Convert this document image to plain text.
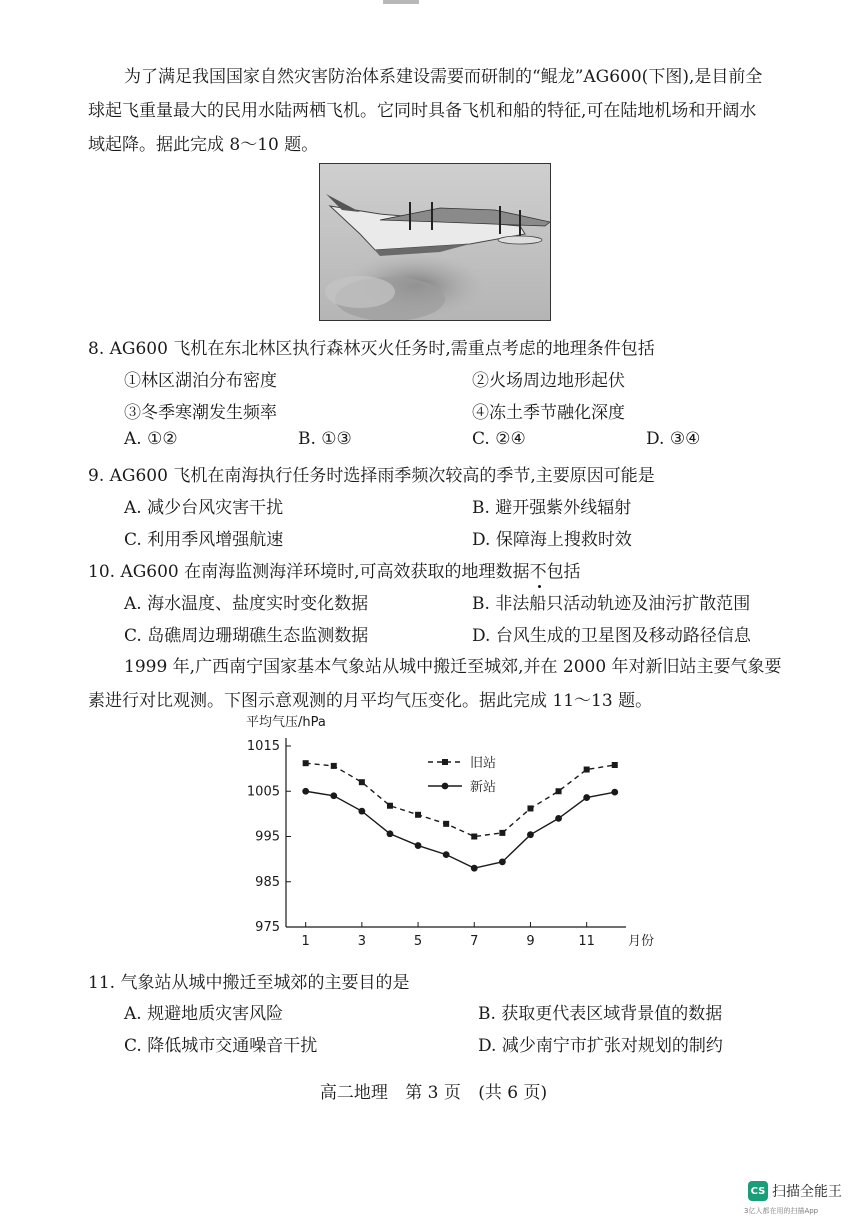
为了满足我国国家自然灾害防治体系建设需要而研制的“鲲龙”AG600(下图),是目前全
球起飞重量最大的民用水陆两栖飞机。它同时具备飞机和船的特征,可在陆地机场和开阔水
域起降。据此完成 8～10 题。
8. AG600 飞机在东北林区执行森林灭火任务时,需重点考虑的地理条件包括
①林区湖泊分布密度	②火场周边地形起伏
③冬季寒潮发生频率	④冻土季节融化深度
A. ①②	B. ①③	C. ②④	D. ③④
9. AG600 飞机在南海执行任务时选择雨季频次较高的季节,主要原因可能是
A. 减少台风灾害干扰	B. 避开强紫外线辐射
C. 利用季风增强航速	D. 保障海上搜救时效
10. AG600 在南海监测海洋环境时,可高效获取的地理数据不包括
A. 海水温度、盐度实时变化数据	B. 非法船只活动轨迹及油污扩散范围
C. 岛礁周边珊瑚礁生态监测数据	D. 台风生成的卫星图及移动路径信息
1999 年,广西南宁国家基本气象站从城中搬迁至城郊,并在 2000 年对新旧站主要气象要
素进行对比观测。下图示意观测的月平均气压变化。据此完成 11～13 题。
1015
1005
995
985
975
1	3	5	7	9	11
平均气压/hPa
月份
旧站
新站
11. 气象站从城中搬迁至城郊的主要目的是
A. 规避地质灾害风险	B. 获取更代表区域背景值的数据
C. 降低城市交通噪音干扰	D. 减少南宁市扩张对规划的制约
高二地理 第 3 页 (共 6 页)
CS 扫描全能王
3亿人都在用的扫描App
